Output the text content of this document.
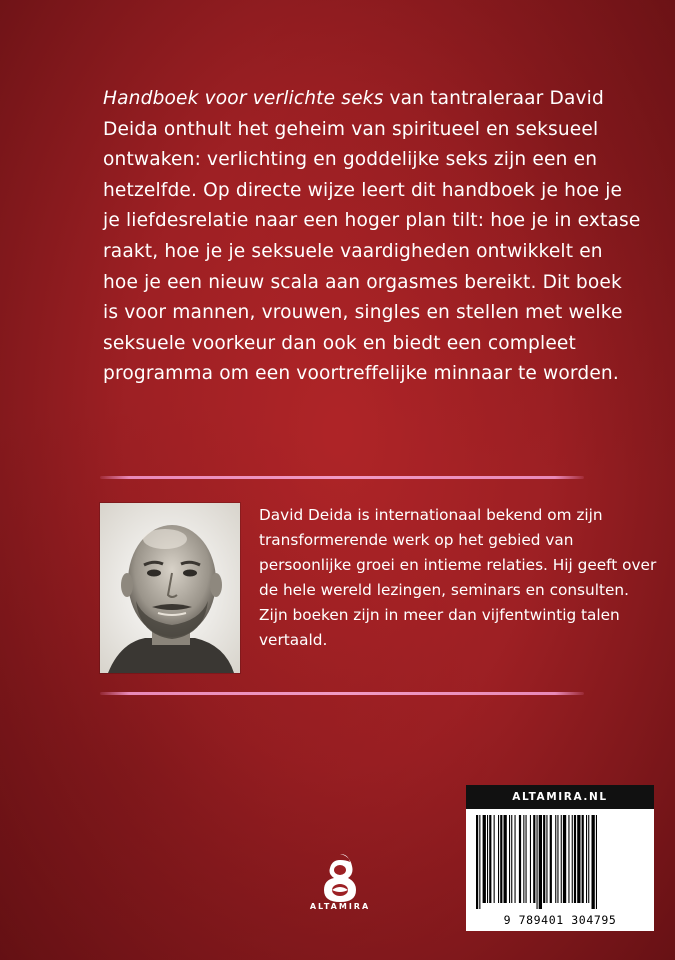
Handboek voor verlichte seks van tantraleraar David Deida onthult het geheim van spiritueel en seksueel ontwaken: verlichting en goddelijke seks zijn een en hetzelfde. Op directe wijze leert dit handboek je hoe je je liefdesrelatie naar een hoger plan tilt: hoe je in extase raakt, hoe je je seksuele vaardigheden ontwikkelt en hoe je een nieuw scala aan orgasmes bereikt. Dit boek is voor mannen, vrouwen, singles en stellen met welke seksuele voorkeur dan ook en biedt een compleet programma om een voortreffelijke minnaar te worden.
David Deida is internationaal bekend om zijn transformerende werk op het gebied van persoonlijke groei en intieme relaties. Hij geeft over de hele wereld lezingen, seminars en consulten. Zijn boeken zijn in meer dan vijfentwintig talen vertaald.
ALTAMIRA.NL
9 789401 304795
ALTAMIRA
